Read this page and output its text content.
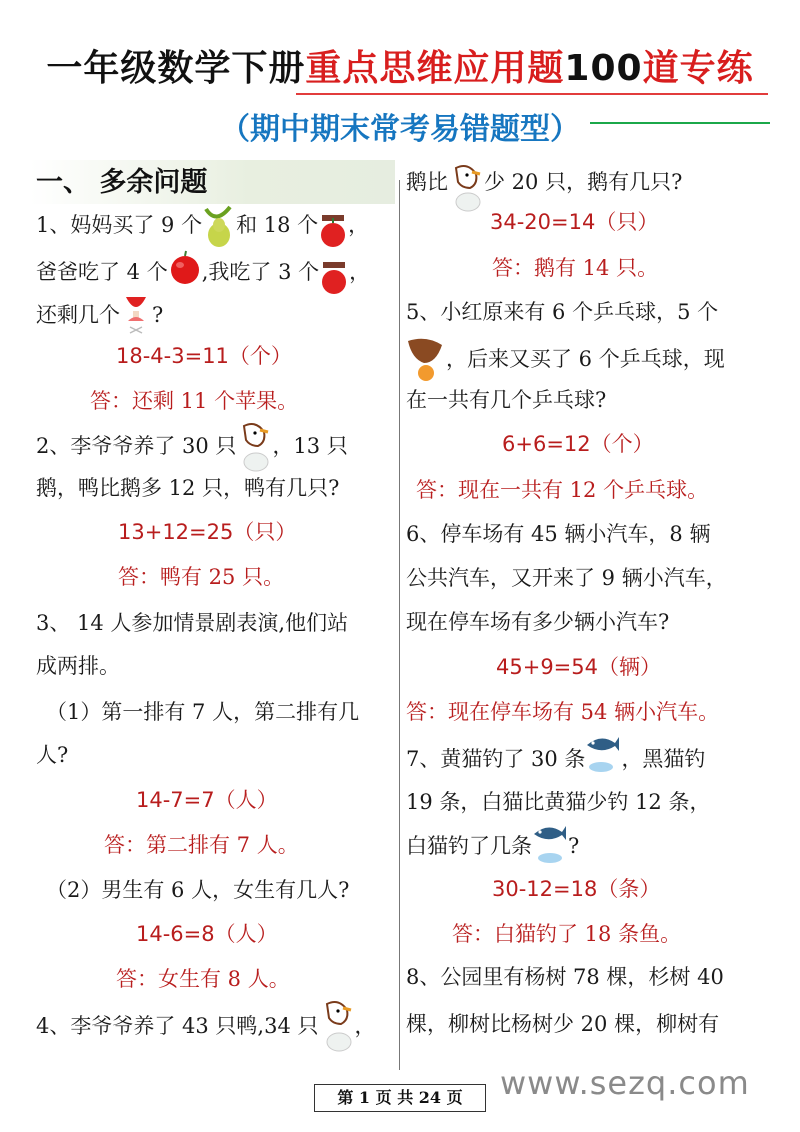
一年级数学下册重点思维应用题100道专练
（期中期末常考易错题型）
一、 多余问题
1、妈妈买了 9 个 和 18 个 ，
爸爸吃了 4 个 ,我吃了 3 个 ，
还剩几个 ?
18-4-3=11（个）
答：还剩 11 个苹果。
2、李爷爷养了 30 只 ，13 只
鹅，鸭比鹅多 12 只，鸭有几只?
13+12=25（只）
答：鸭有 25 只。
3、 14 人参加情景剧表演,他们站
成两排。
（1）第一排有 7 人，第二排有几
人?
14-7=7（人）
答：第二排有 7 人。
（2）男生有 6 人，女生有几人?
14-6=8（人）
答：女生有 8 人。
4、李爷爷养了 43 只鸭,34 只 ，
鹅比 少 20 只，鹅有几只?
34-20=14（只）
答：鹅有 14 只。
5、小红原来有 6 个乒乓球，5 个
，后来又买了 6 个乒乓球，现
在一共有几个乒乓球?
6+6=12（个）
答：现在一共有 12 个乒乓球。
6、停车场有 45 辆小汽车，8 辆
公共汽车，又开来了 9 辆小汽车，
现在停车场有多少辆小汽车?
45+9=54（辆）
答：现在停车场有 54 辆小汽车。
7、黄猫钓了 30 条 ，黑猫钓
19 条，白猫比黄猫少钓 12 条，
白猫钓了几条 ?
30-12=18（条）
答：白猫钓了 18 条鱼。
8、公园里有杨树 78 棵，杉树 40
棵，柳树比杨树少 20 棵，柳树有
第 1 页 共 24 页	www.sezq.com
